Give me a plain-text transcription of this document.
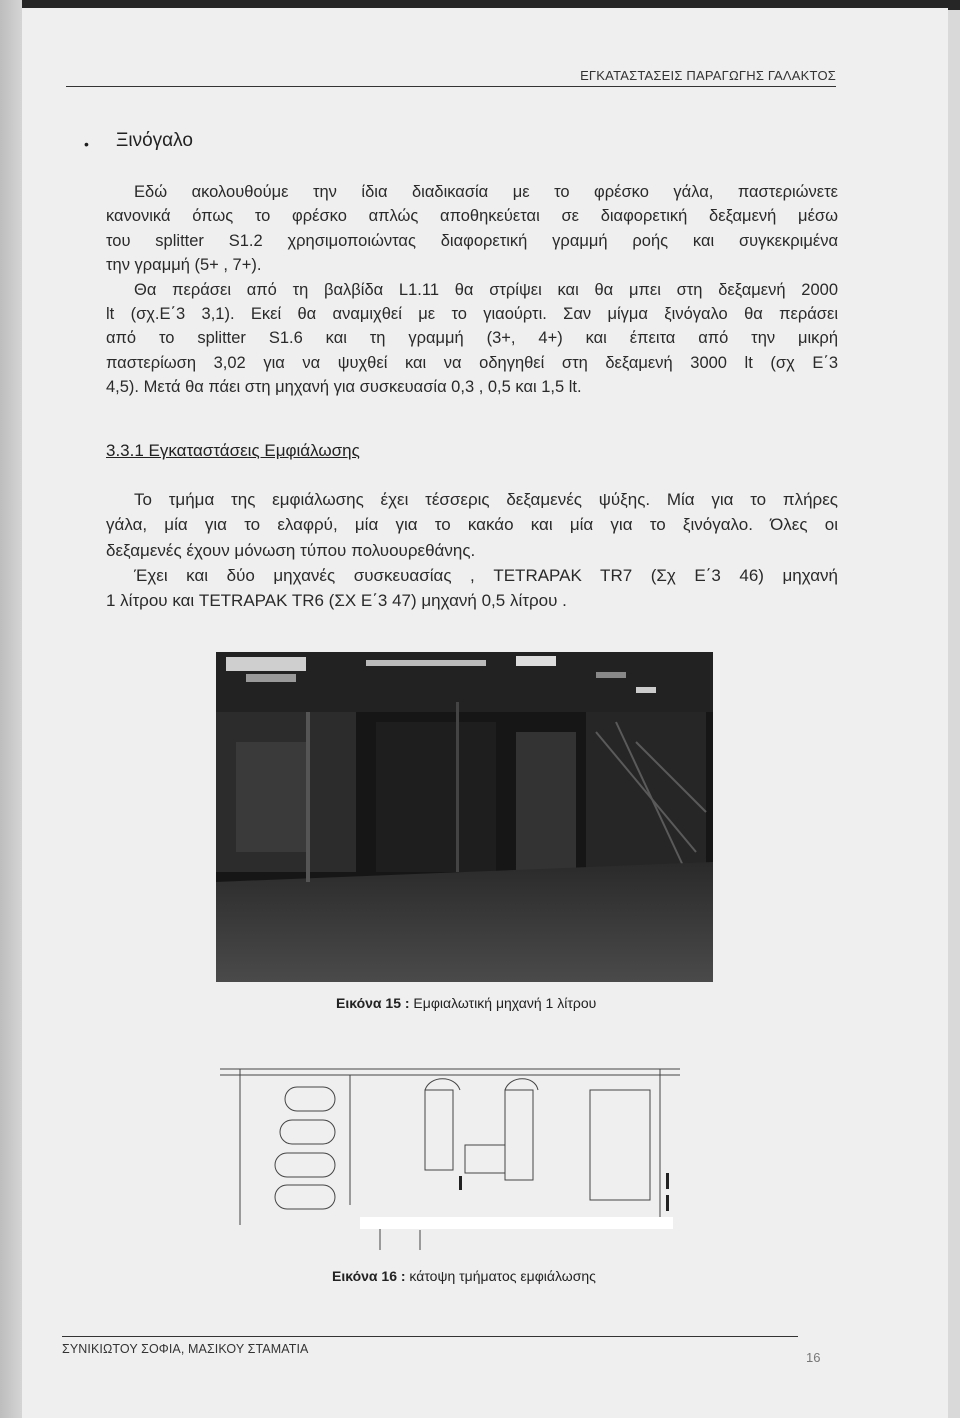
ΕΓΚΑΤΑΣΤΑΣΕΙΣ ΠΑΡΑΓΩΓΗΣ ΓΑΛΑΚΤΟΣ
• Ξινόγαλο

Εδώ ακολουθούμε την ίδια διαδικασία με το φρέσκο γάλα, παστεριώνετε

κανονικά όπως το φρέσκο απλώς αποθηκεύεται σε διαφορετική δεξαμενή μέσω

του splitter S1.2 χρησιμοποιώντας διαφορετική γραμμή ροής και συγκεκριμένα

την γραμμή (5+ , 7+).

Θα περάσει από τη βαλβίδα L1.11 θα στρίψει και θα μπει στη δεξαμενή 2000

lt (σχ.Ε΄3 3,1). Εκεί θα αναμιχθεί με το γιαούρτι. Σαν μίγμα ξινόγαλο θα περάσει

από το splitter S1.6 και τη γραμμή (3+, 4+) και έπειτα από την μικρή

παστερίωση 3,02 για να ψυχθεί και να οδηγηθεί στη δεξαμενή 3000 lt (σχ Ε΄3

4,5). Μετά θα πάει στη μηχανή για συσκευασία 0,3 , 0,5 και 1,5 lt.

3.3.1 Εγκαταστάσεις Εμφιάλωσης

Το τμήμα της εμφιάλωσης έχει τέσσερις δεξαμενές ψύξης. Μία για το πλήρες

γάλα, μία για το ελαφρύ, μία για το κακάο και μία για το ξινόγαλο. Όλες οι

δεξαμενές έχουν μόνωση τύπου πολυουρεθάνης.

Έχει και δύο μηχανές συσκευασίας , TETRAPAK TR7 (Σχ Ε΄3 46) μηχανή

1 λίτρου και TETRAPAK TR6 (ΣΧ Ε΄3 47) μηχανή 0,5 λίτρου .

Εικόνα 15 : Εμφιαλωτική μηχανή 1 λίτρου
Εικόνα 16 : κάτοψη τμήματος εμφιάλωσης
ΣΥΝΙΚΙΩΤΟΥ ΣΟΦΙΑ, ΜΑΣΙΚΟΥ ΣΤΑΜΑΤΙΑ
16
